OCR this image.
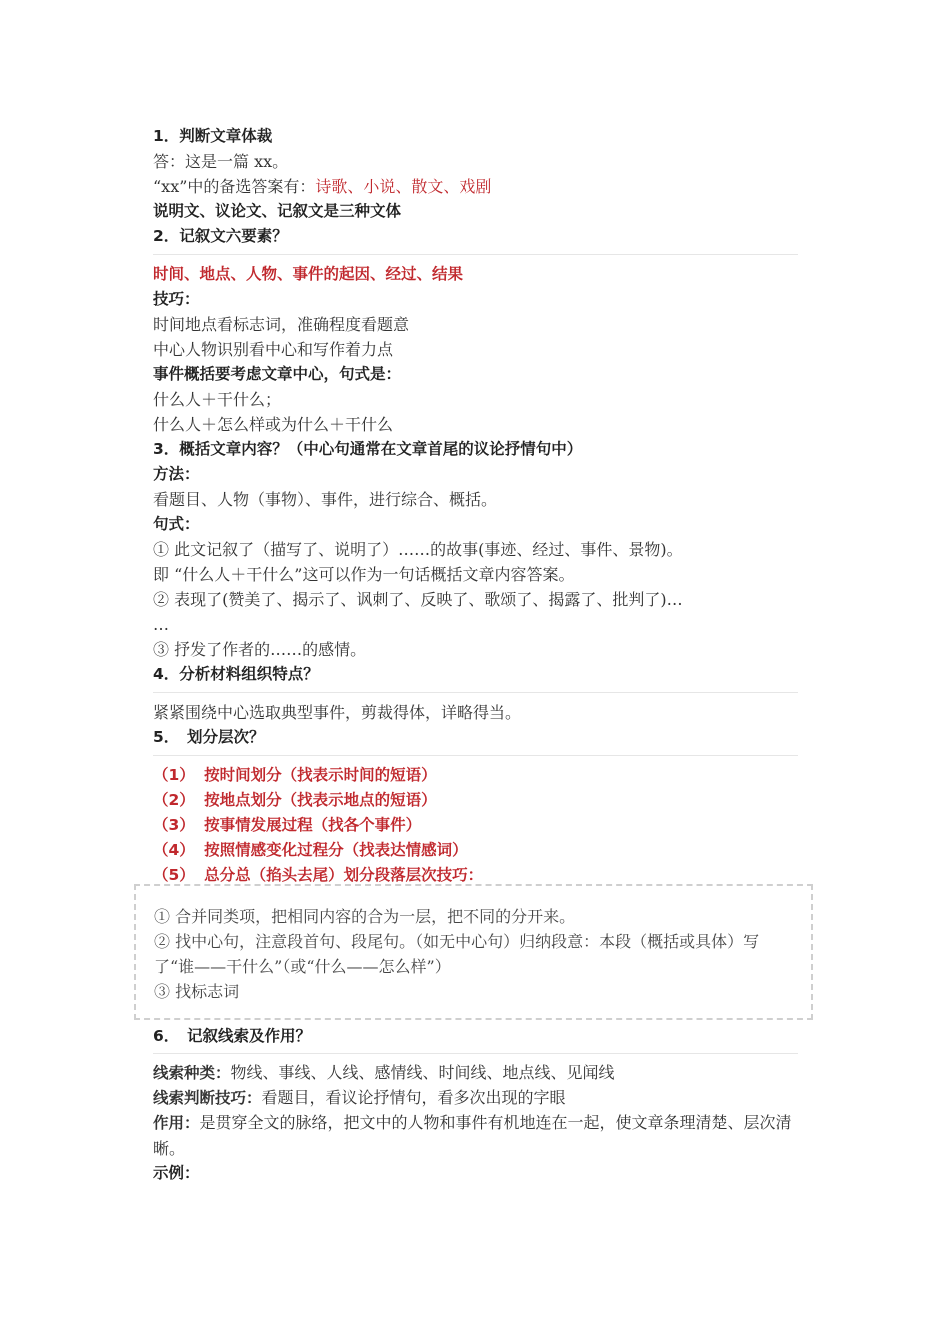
1．判断文章体裁
答：这是一篇 xx。
“xx”中的备选答案有：诗歌、小说、散文、戏剧
说明文、议论文、记叙文是三种文体
2．记叙文六要素？
时间、地点、人物、事件的起因、经过、结果
技巧：
时间地点看标志词，准确程度看题意
中心人物识别看中心和写作着力点
事件概括要考虑文章中心，句式是：
什么人＋干什么；
什么人＋怎么样或为什么＋干什么
3．概括文章内容？（中心句通常在文章首尾的议论抒情句中）
方法：
看题目、人物（事物）、事件，进行综合、概括。
句式：
① 此文记叙了（描写了、说明了）……的故事(事迹、经过、事件、景物)。
即 “什么人＋干什么”这可以作为一句话概括文章内容答案。
② 表现了(赞美了、揭示了、讽刺了、反映了、歌颂了、揭露了、批判了)…
…
③ 抒发了作者的……的感情。
4．分析材料组织特点？
紧紧围绕中心选取典型事件，剪裁得体，详略得当。
5．　划分层次？
（1） 按时间划分（找表示时间的短语）
（2） 按地点划分（找表示地点的短语）
（3） 按事情发展过程（找各个事件）
（4） 按照情感变化过程分（找表达情感词）
（5） 总分总（掐头去尾）划分段落层次技巧：
① 合并同类项，把相同内容的合为一层，把不同的分开来。
② 找中心句，注意段首句、段尾句。（如无中心句）归纳段意：本段（概括或具体）写了“谁——干什么”（或“什么——怎么样”）
③ 找标志词
6．　记叙线索及作用？
线索种类：物线、事线、人线、感情线、时间线、地点线、见闻线
线索判断技巧：看题目，看议论抒情句，看多次出现的字眼
作用：是贯穿全文的脉络，把文中的人物和事件有机地连在一起，使文章条理清楚、层次清晰。
示例：
